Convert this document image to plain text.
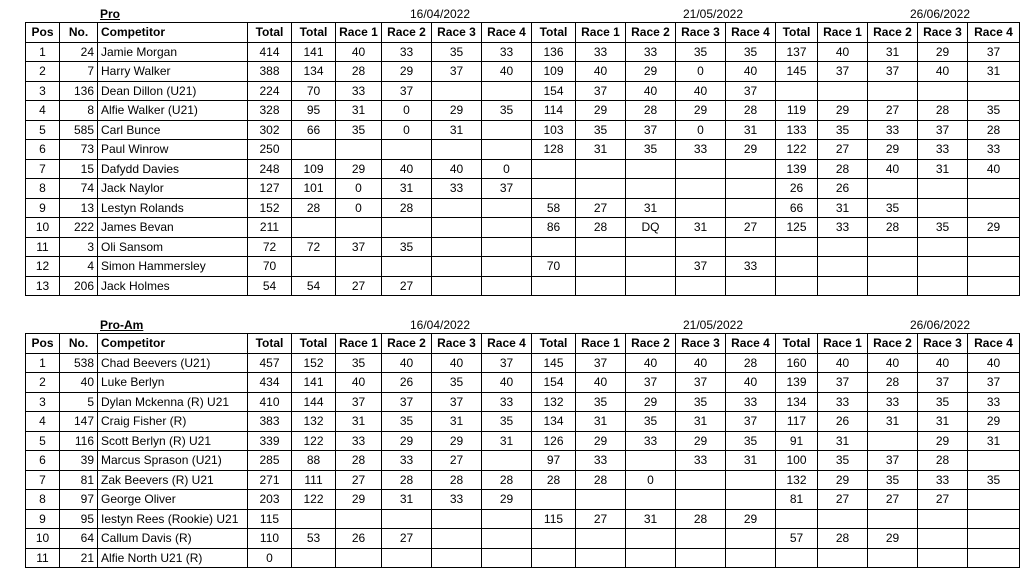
Pro	16/04/2022	21/05/2022	26/06/2022
Pos	No.	Competitor	Total	Total	Race 1	Race 2	Race 3	Race 4	Total	Race 1	Race 2	Race 3	Race 4	Total	Race 1	Race 2	Race 3	Race 4
1	24	Jamie Morgan	414	141	40	33	35	33	136	33	33	35	35	137	40	31	29	37
2	7	Harry Walker	388	134	28	29	37	40	109	40	29	0	40	145	37	37	40	31
3	136	Dean Dillon (U21)	224	70	33	37			154	37	40	40	37					
4	8	Alfie Walker (U21)	328	95	31	0	29	35	114	29	28	29	28	119	29	27	28	35
5	585	Carl Bunce	302	66	35	0	31		103	35	37	0	31	133	35	33	37	28
6	73	Paul Winrow	250						128	31	35	33	29	122	27	29	33	33
7	15	Dafydd Davies	248	109	29	40	40	0						139	28	40	31	40
8	74	Jack Naylor	127	101	0	31	33	37						26	26			
9	13	Lestyn Rolands	152	28	0	28			58	27	31			66	31	35		
10	222	James Bevan	211						86	28	DQ	31	27	125	33	28	35	29
11	3	Oli Sansom	72	72	37	35												
12	4	Simon Hammersley	70						70			37	33					
13	206	Jack Holmes	54	54	27	27												
Pro-Am	16/04/2022	21/05/2022	26/06/2022
Pos	No.	Competitor	Total	Total	Race 1	Race 2	Race 3	Race 4	Total	Race 1	Race 2	Race 3	Race 4	Total	Race 1	Race 2	Race 3	Race 4
1	538	Chad Beevers (U21)	457	152	35	40	40	37	145	37	40	40	28	160	40	40	40	40
2	40	Luke Berlyn	434	141	40	26	35	40	154	40	37	37	40	139	37	28	37	37
3	5	Dylan Mckenna (R) U21	410	144	37	37	37	33	132	35	29	35	33	134	33	33	35	33
4	147	Craig Fisher (R)	383	132	31	35	31	35	134	31	35	31	37	117	26	31	31	29
5	116	Scott Berlyn (R) U21	339	122	33	29	29	31	126	29	33	29	35	91	31		29	31
6	39	Marcus Sprason (U21)	285	88	28	33	27		97	33		33	31	100	35	37	28	
7	81	Zak Beevers (R) U21	271	111	27	28	28	28	28	28	0			132	29	35	33	35
8	97	George Oliver	203	122	29	31	33	29						81	27	27	27	
9	95	Iestyn Rees (Rookie) U21	115						115	27	31	28	29					
10	64	Callum Davis (R)	110	53	26	27								57	28	29		
11	21	Alfie North U21 (R)	0															
